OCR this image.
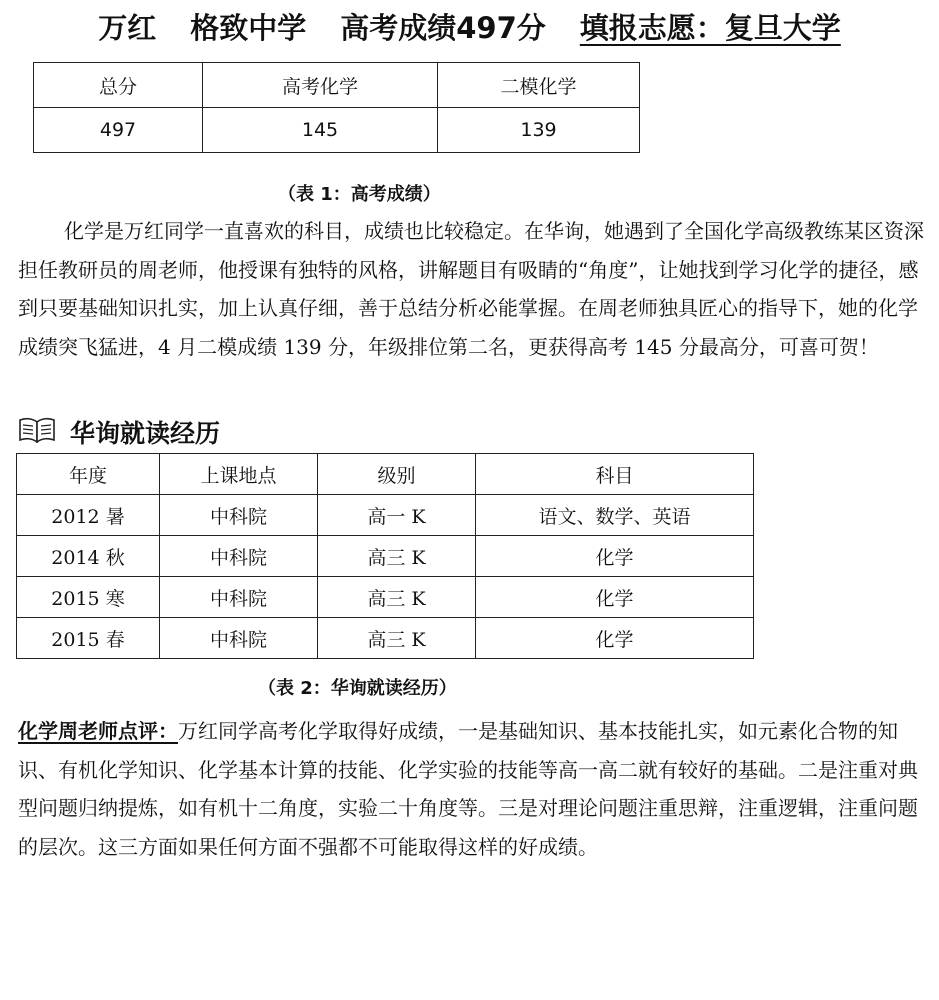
万红 格致中学 高考成绩497分 填报志愿：复旦大学
总分	高考化学	二模化学
497	145	139
（表 1：高考成绩）

化学是万红同学一直喜欢的科目，成绩也比较稳定。在华询，她遇到了全国化学高级教练某区资深担任教研员的周老师，他授课有独特的风格，讲解题目有吸睛的“角度”，让她找到学习化学的捷径，感到只要基础知识扎实，加上认真仔细，善于总结分析必能掌握。在周老师独具匠心的指导下，她的化学成绩突飞猛进，4 月二模成绩 139 分，年级排位第二名，更获得高考 145 分最高分，可喜可贺！

华询就读经历
年度	上课地点	级别	科目
2012 暑	中科院	高一 K	语文、数学、英语
2014 秋	中科院	高三 K	化学
2015 寒	中科院	高三 K	化学
2015 春	中科院	高三 K	化学
（表 2：华询就读经历）

化学周老师点评：万红同学高考化学取得好成绩，一是基础知识、基本技能扎实，如元素化合物的知识、有机化学知识、化学基本计算的技能、化学实验的技能等高一高二就有较好的基础。二是注重对典型问题归纳提炼，如有机十二角度，实验二十角度等。三是对理论问题注重思辩，注重逻辑，注重问题的层次。这三方面如果任何方面不强都不可能取得这样的好成绩。
